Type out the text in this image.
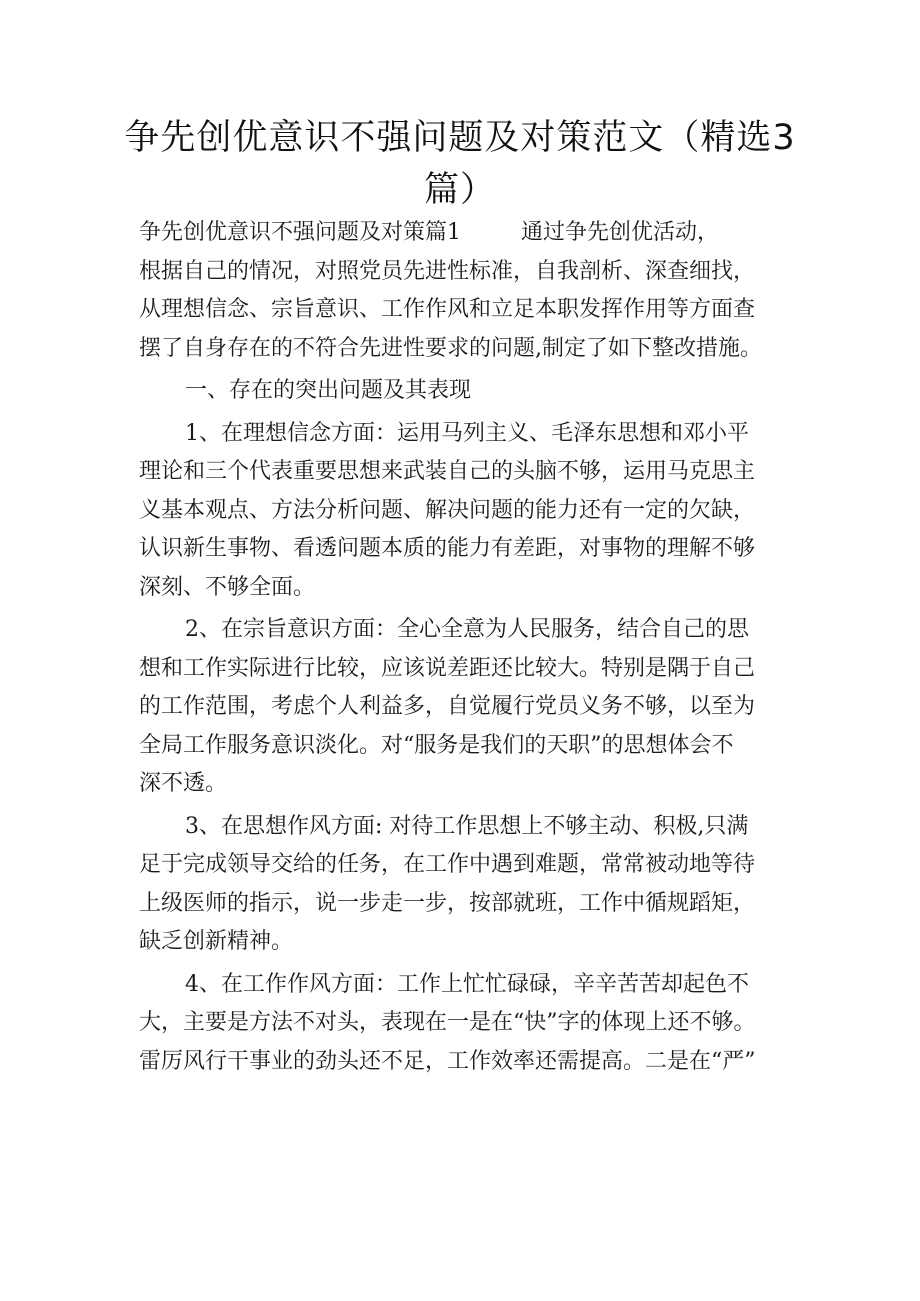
争先创优意识不强问题及对策范文（精选3
篇）
争先创优意识不强问题及对策篇1	通过争先创优活动，
根据自己的情况，对照党员先进性标准，自我剖析、深查细找，
从理想信念、宗旨意识、工作作风和立足本职发挥作用等方面查
摆了自身存在的不符合先进性要求的问题,制定了如下整改措施。
一、存在的突出问题及其表现
1、在理想信念方面：运用马列主义、毛泽东思想和邓小平
理论和三个代表重要思想来武装自己的头脑不够，运用马克思主
义基本观点、方法分析问题、解决问题的能力还有一定的欠缺，
认识新生事物、看透问题本质的能力有差距，对事物的理解不够
深刻、不够全面。
2、在宗旨意识方面：全心全意为人民服务，结合自己的思
想和工作实际进行比较，应该说差距还比较大。特别是隅于自己
的工作范围，考虑个人利益多，自觉履行党员义务不够，以至为
全局工作服务意识淡化。对“服务是我们的天职”的思想体会不
深不透。
3、在思想作风方面: 对待工作思想上不够主动、积极,只满
足于完成领导交给的任务，在工作中遇到难题，常常被动地等待
上级医师的指示，说一步走一步，按部就班，工作中循规蹈矩，
缺乏创新精神。
4、在工作作风方面：工作上忙忙碌碌，辛辛苦苦却起色不
大，主要是方法不对头，表现在一是在“快”字的体现上还不够。
雷厉风行干事业的劲头还不足，工作效率还需提高。二是在“严”
